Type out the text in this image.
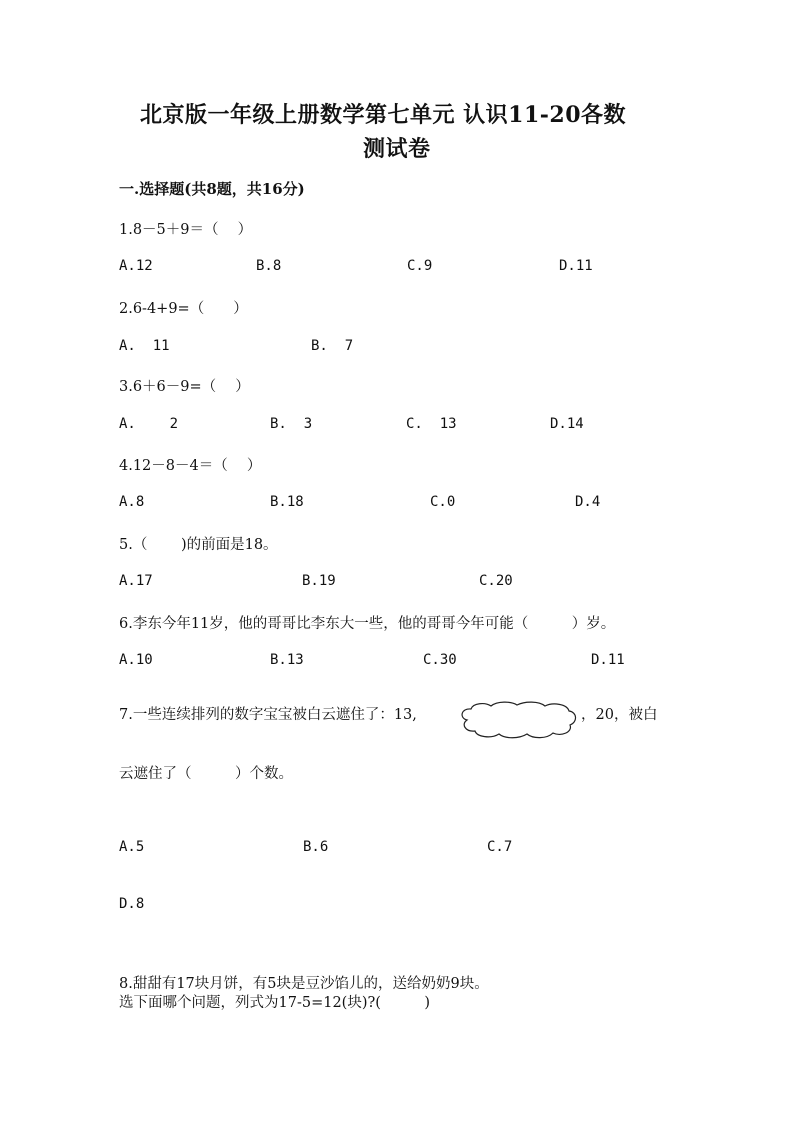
北京版一年级上册数学第七单元 认识11-20各数
测试卷
一.选择题(共8题，共16分)
1.8－5＋9＝（　 ）
A.12	B.8	C.9	D.11
2.6-4+9=（　　）
A.  11	B.  7
3.6＋6－9=（　 ）
A.    2	B.  3	C.  13	D.14
4.12－8－4＝（　 ）
A.8	B.18	C.0	D.4
5.（　　 )的前面是18。
A.17	B.19	C.20
6.李东今年11岁，他的哥哥比李东大一些，他的哥哥今年可能（　　　）岁。
A.10	B.13	C.30	D.11
7.一些连续排列的数字宝宝被白云遮住了：13,	，20，被白
云遮住了（　　　）个数。
A.5	B.6	C.7
D.8
8.甜甜有17块月饼，有5块是豆沙馅儿的，送给奶奶9块。
选下面哪个问题，列式为17-5=12(块)?(　　　)
